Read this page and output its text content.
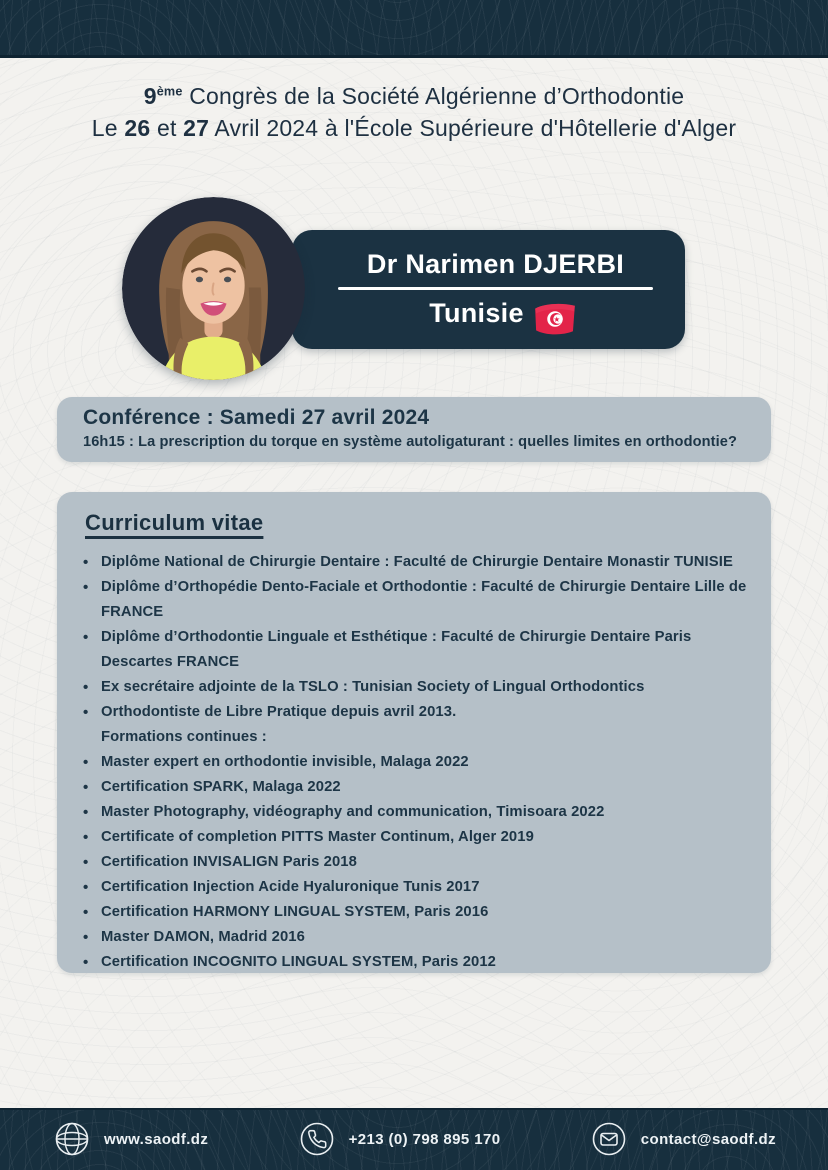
9ème Congrès de la Société Algérienne d’Orthodontie
Le 26 et 27 Avril 2024 à l'École Supérieure d'Hôtellerie d'Alger
Dr Narimen DJERBI
Tunisie
Conférence : Samedi 27 avril 2024
16h15 : La prescription du torque en système autoligaturant : quelles limites en orthodontie?
Curriculum vitae
• Diplôme National de Chirurgie Dentaire : Faculté de Chirurgie Dentaire Monastir TUNISIE
• Diplôme d’Orthopédie Dento-Faciale et Orthodontie : Faculté de Chirurgie Dentaire Lille de FRANCE
• Diplôme d’Orthodontie Linguale et Esthétique : Faculté de Chirurgie Dentaire Paris Descartes FRANCE
• Ex secrétaire adjointe de la TSLO : Tunisian Society of Lingual Orthodontics
• Orthodontiste de Libre Pratique depuis avril 2013.
Formations continues :
• Master expert en orthodontie invisible, Malaga 2022
• Certification SPARK, Malaga 2022
• Master Photography, vidéography and communication, Timisoara 2022
• Certificate of completion PITTS Master Continum, Alger 2019
• Certification INVISALIGN Paris 2018
• Certification Injection Acide Hyaluronique Tunis 2017
• Certification HARMONY LINGUAL SYSTEM, Paris 2016
• Master DAMON, Madrid 2016
• Certification INCOGNITO LINGUAL SYSTEM, Paris 2012
www.saodf.dz	+213 (0) 798 895 170	contact@saodf.dz
